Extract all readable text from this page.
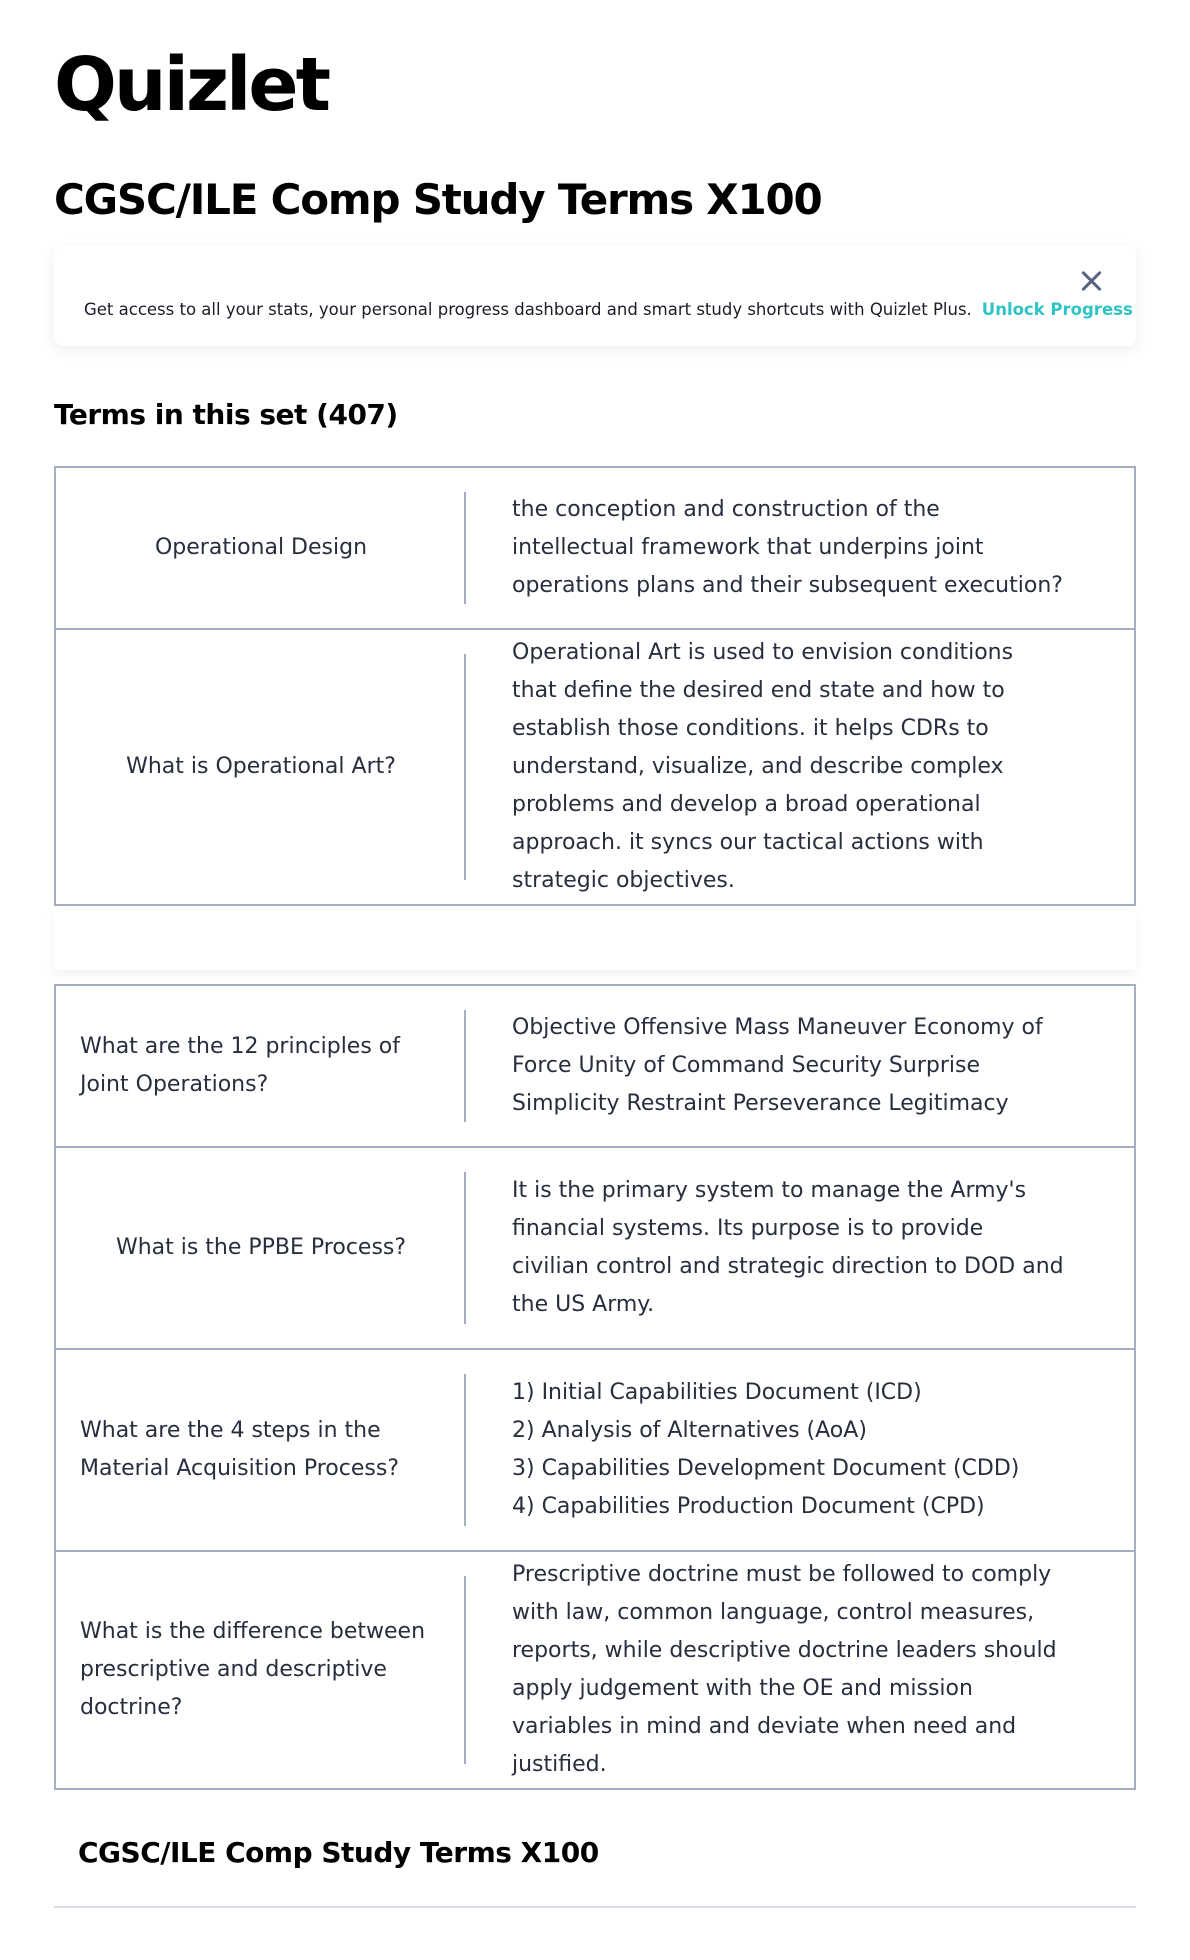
Quizlet
CGSC/ILE Comp Study Terms X100
Get access to all your stats, your personal progress dashboard and smart study shortcuts with Quizlet Plus. Unlock Progress
Terms in this set (407)
Operational Design
the conception and construction of the intellectual framework that underpins joint operations plans and their subsequent execution?
What is Operational Art?
Operational Art is used to envision conditions that define the desired end state and how to establish those conditions. it helps CDRs to understand, visualize, and describe complex problems and develop a broad operational approach. it syncs our tactical actions with strategic objectives.
What are the 12 principles of Joint Operations?
Objective Offensive Mass Maneuver Economy of Force Unity of Command Security Surprise Simplicity Restraint Perseverance Legitimacy
What is the PPBE Process?
It is the primary system to manage the Army's financial systems. Its purpose is to provide civilian control and strategic direction to DOD and the US Army.
What are the 4 steps in the Material Acquisition Process?
1) Initial Capabilities Document (ICD)
2) Analysis of Alternatives (AoA)
3) Capabilities Development Document (CDD)
4) Capabilities Production Document (CPD)
What is the difference between prescriptive and descriptive doctrine?
Prescriptive doctrine must be followed to comply with law, common language, control measures, reports, while descriptive doctrine leaders should apply judgement with the OE and mission variables in mind and deviate when need and justified.
CGSC/ILE Comp Study Terms X100
